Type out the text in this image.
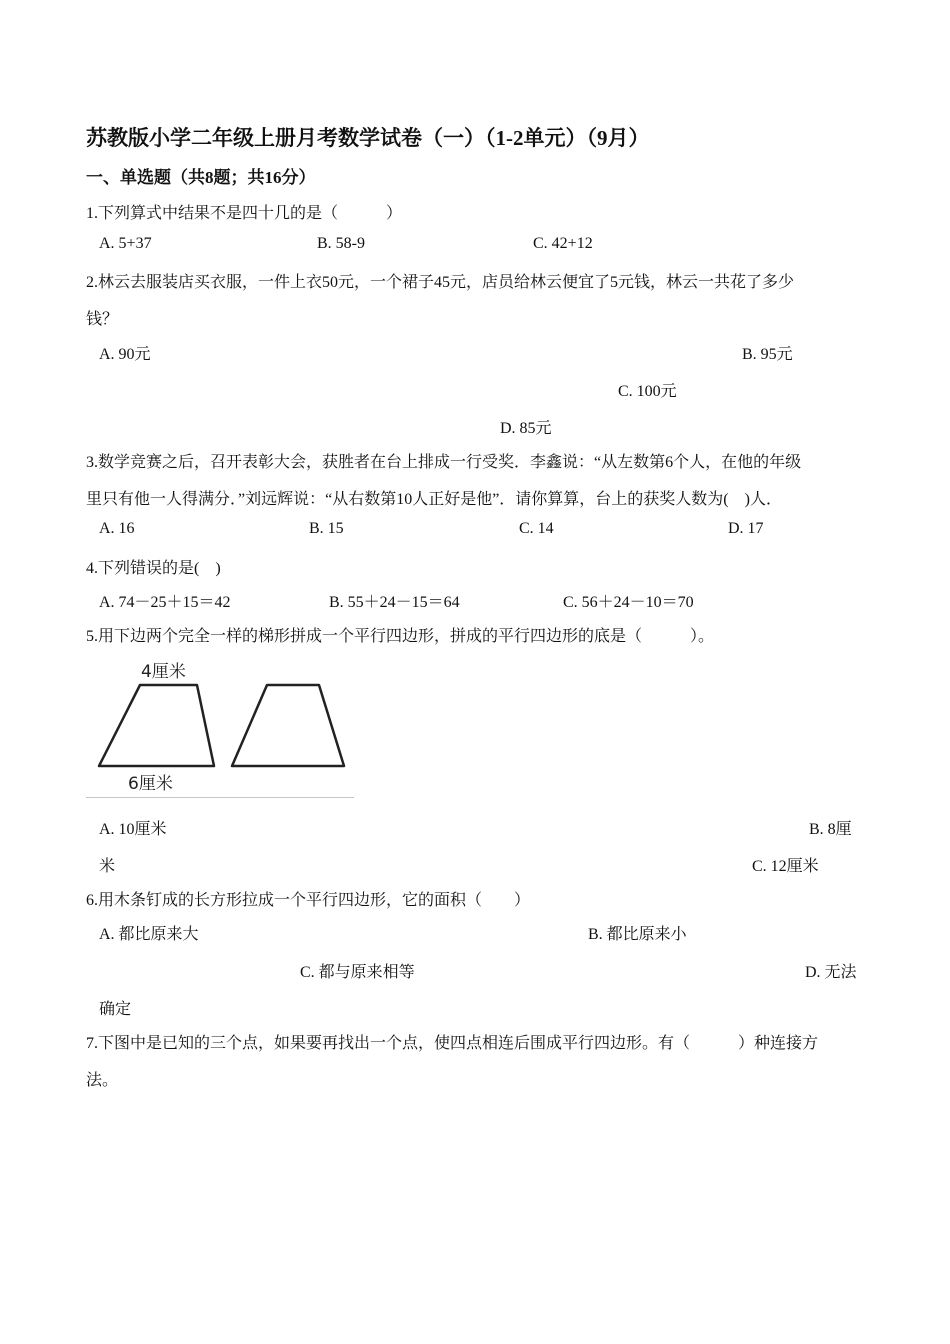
苏教版小学二年级上册月考数学试卷（一）（1-2单元）（9月）
一、单选题（共8题；共16分）
1.下列算式中结果不是四十几的是（　　　）
A. 5+37	B. 58-9	C. 42+12
2.林云去服装店买衣服，一件上衣50元，一个裙子45元，店员给林云便宜了5元钱，林云一共花了多少
钱？
A. 90元	B. 95元
C. 100元
D. 85元
3.数学竞赛之后，召开表彰大会，获胜者在台上排成一行受奖．李鑫说：“从左数第6个人，在他的年级
里只有他一人得满分．”刘远辉说：“从右数第10人正好是他”．请你算算，台上的获奖人数为(　)人．
A. 16	B. 15	C. 14	D. 17
4.下列错误的是(　)
A. 74－25＋15＝42	B. 55＋24－15＝64	C. 56＋24－10＝70
5.用下边两个完全一样的梯形拼成一个平行四边形，拼成的平行四边形的底是（　　　）。
4厘米
6厘米
A. 10厘米	B. 8厘
米	C. 12厘米
6.用木条钉成的长方形拉成一个平行四边形，它的面积（　　）
A. 都比原来大	B. 都比原来小
C. 都与原来相等	D. 无法
确定
7.下图中是已知的三个点，如果要再找出一个点，使四点相连后围成平行四边形。有（　　　）种连接方
法。
